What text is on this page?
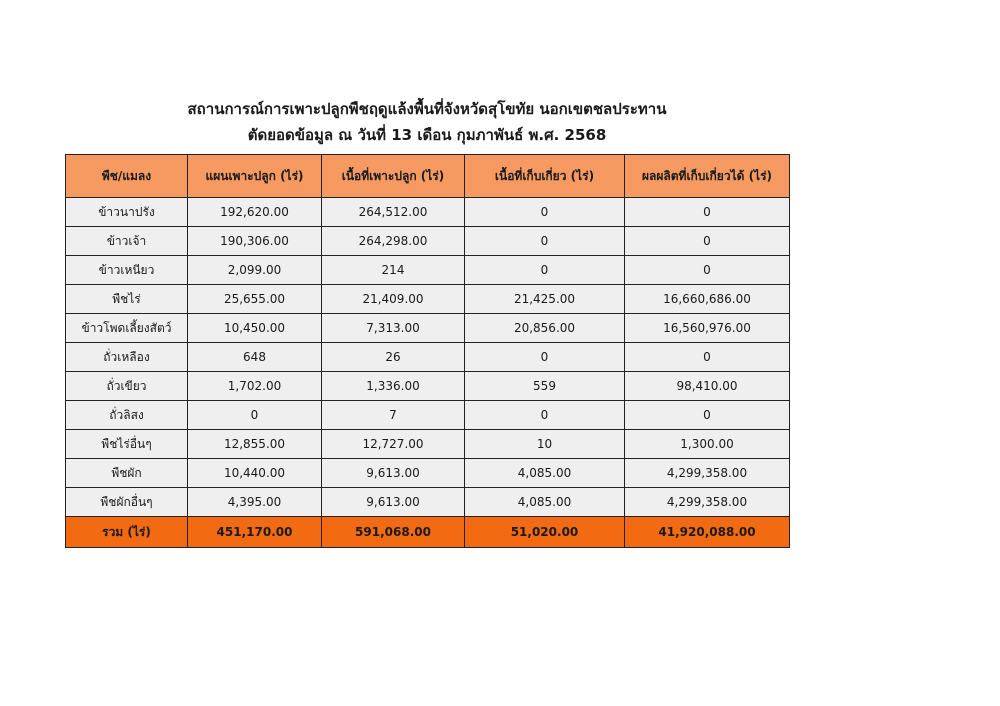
สถานการณ์การเพาะปลูกพืชฤดูแล้งพื้นที่จังหวัดสุโขทัย นอกเขตชลประทาน
ตัดยอดข้อมูล ณ วันที่ 13 เดือน กุมภาพันธ์ พ.ศ. 2568
พืช/แมลง	แผนเพาะปลูก (ไร่)	เนื้อที่เพาะปลูก (ไร่)	เนื้อที่เก็บเกี่ยว (ไร่)	ผลผลิตที่เก็บเกี่ยวได้ (ไร่)
ข้าวนาปรัง	192,620.00	264,512.00	0	0
ข้าวเจ้า	190,306.00	264,298.00	0	0
ข้าวเหนียว	2,099.00	214	0	0
พืชไร่	25,655.00	21,409.00	21,425.00	16,660,686.00
ข้าวโพดเลี้ยงสัตว์	10,450.00	7,313.00	20,856.00	16,560,976.00
ถั่วเหลือง	648	26	0	0
ถั่วเขียว	1,702.00	1,336.00	559	98,410.00
ถั่วลิสง	0	7	0	0
พืชไร่อื่นๆ	12,855.00	12,727.00	10	1,300.00
พืชผัก	10,440.00	9,613.00	4,085.00	4,299,358.00
พืชผักอื่นๆ	4,395.00	9,613.00	4,085.00	4,299,358.00
รวม (ไร่)	451,170.00	591,068.00	51,020.00	41,920,088.00
